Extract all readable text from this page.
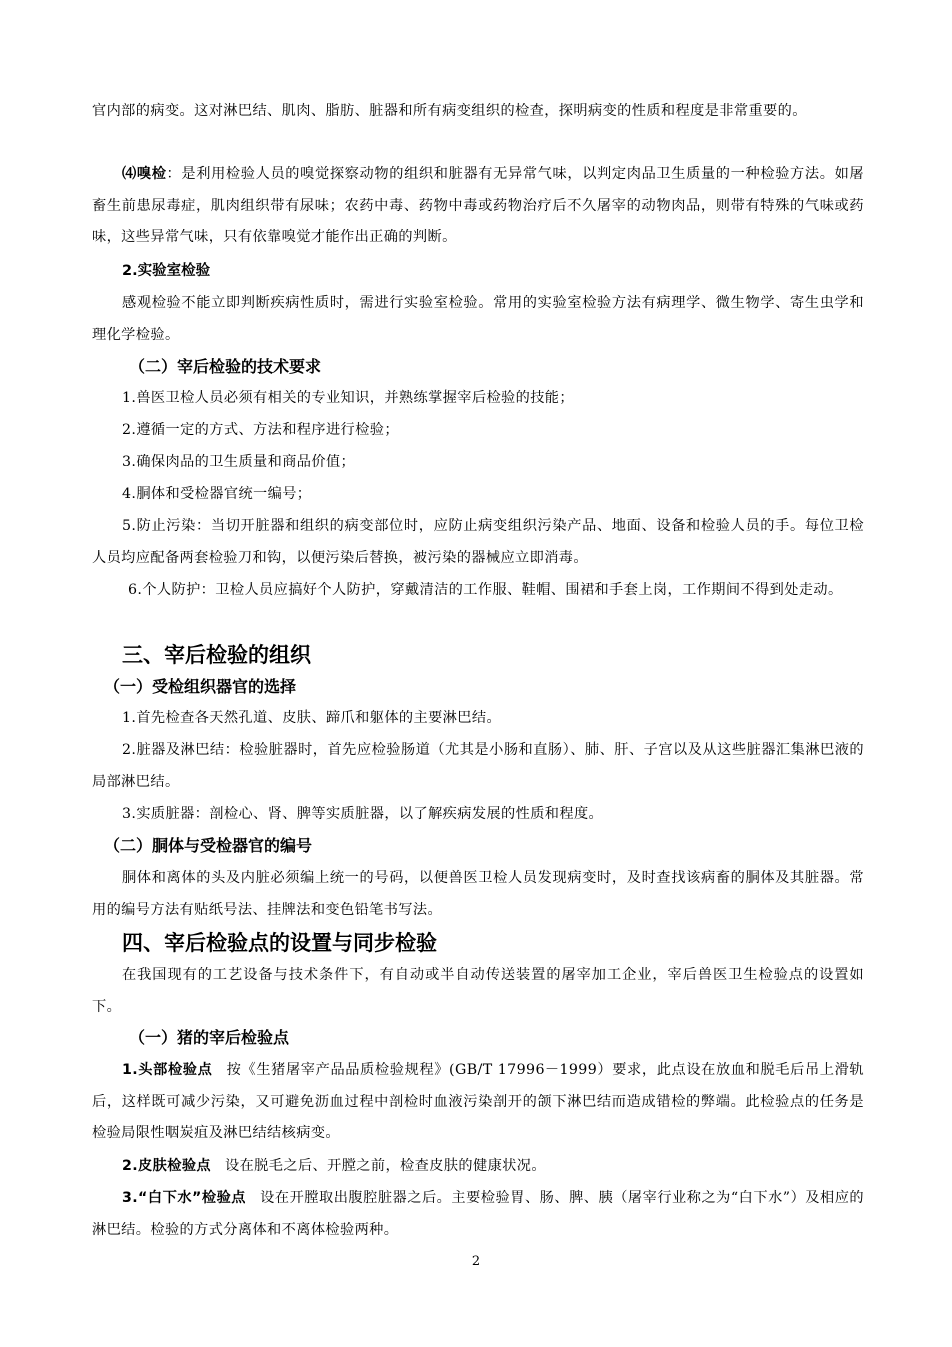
官内部的病变。这对淋巴结、肌肉、脂肪、脏器和所有病变组织的检查，探明病变的性质和程度是非常重要的。

⑷嗅检：是利用检验人员的嗅觉探察动物的组织和脏器有无异常气味，以判定肉品卫生质量的一种检验方法。如屠畜生前患尿毒症，肌肉组织带有尿味；农药中毒、药物中毒或药物治疗后不久屠宰的动物肉品，则带有特殊的气味或药味，这些异常气味，只有依靠嗅觉才能作出正确的判断。

2.实验室检验

感观检验不能立即判断疾病性质时，需进行实验室检验。常用的实验室检验方法有病理学、微生物学、寄生虫学和理化学检验。

（二）宰后检验的技术要求

1.兽医卫检人员必须有相关的专业知识，并熟练掌握宰后检验的技能；

2.遵循一定的方式、方法和程序进行检验；

3.确保肉品的卫生质量和商品价值；

4.胴体和受检器官统一编号；

5.防止污染：当切开脏器和组织的病变部位时，应防止病变组织污染产品、地面、设备和检验人员的手。每位卫检人员均应配备两套检验刀和钩，以便污染后替换，被污染的器械应立即消毒。

6.个人防护：卫检人员应搞好个人防护，穿戴清洁的工作服、鞋帽、围裙和手套上岗，工作期间不得到处走动。

三、宰后检验的组织
（一）受检组织器官的选择

1.首先检查各天然孔道、皮肤、蹄爪和躯体的主要淋巴结。

2.脏器及淋巴结：检验脏器时，首先应检验肠道（尤其是小肠和直肠）、肺、肝、子宫以及从这些脏器汇集淋巴液的局部淋巴结。

3.实质脏器：剖检心、肾、脾等实质脏器，以了解疾病发展的性质和程度。

（二）胴体与受检器官的编号

胴体和离体的头及内脏必须编上统一的号码，以便兽医卫检人员发现病变时，及时查找该病畜的胴体及其脏器。常用的编号方法有贴纸号法、挂牌法和变色铅笔书写法。

四、宰后检验点的设置与同步检验

在我国现有的工艺设备与技术条件下，有自动或半自动传送装置的屠宰加工企业，宰后兽医卫生检验点的设置如下。

（一）猪的宰后检验点

1.头部检验点 按《生猪屠宰产品品质检验规程》(GB/T 17996－1999）要求，此点设在放血和脱毛后吊上滑轨后，这样既可减少污染，又可避免沥血过程中剖检时血液污染剖开的颌下淋巴结而造成错检的弊端。此检验点的任务是检验局限性咽炭疽及淋巴结结核病变。

2.皮肤检验点 设在脱毛之后、开膛之前，检查皮肤的健康状况。

3.“白下水”检验点 设在开膛取出腹腔脏器之后。主要检验胃、肠、脾、胰（屠宰行业称之为“白下水”）及相应的淋巴结。检验的方式分离体和不离体检验两种。

2
